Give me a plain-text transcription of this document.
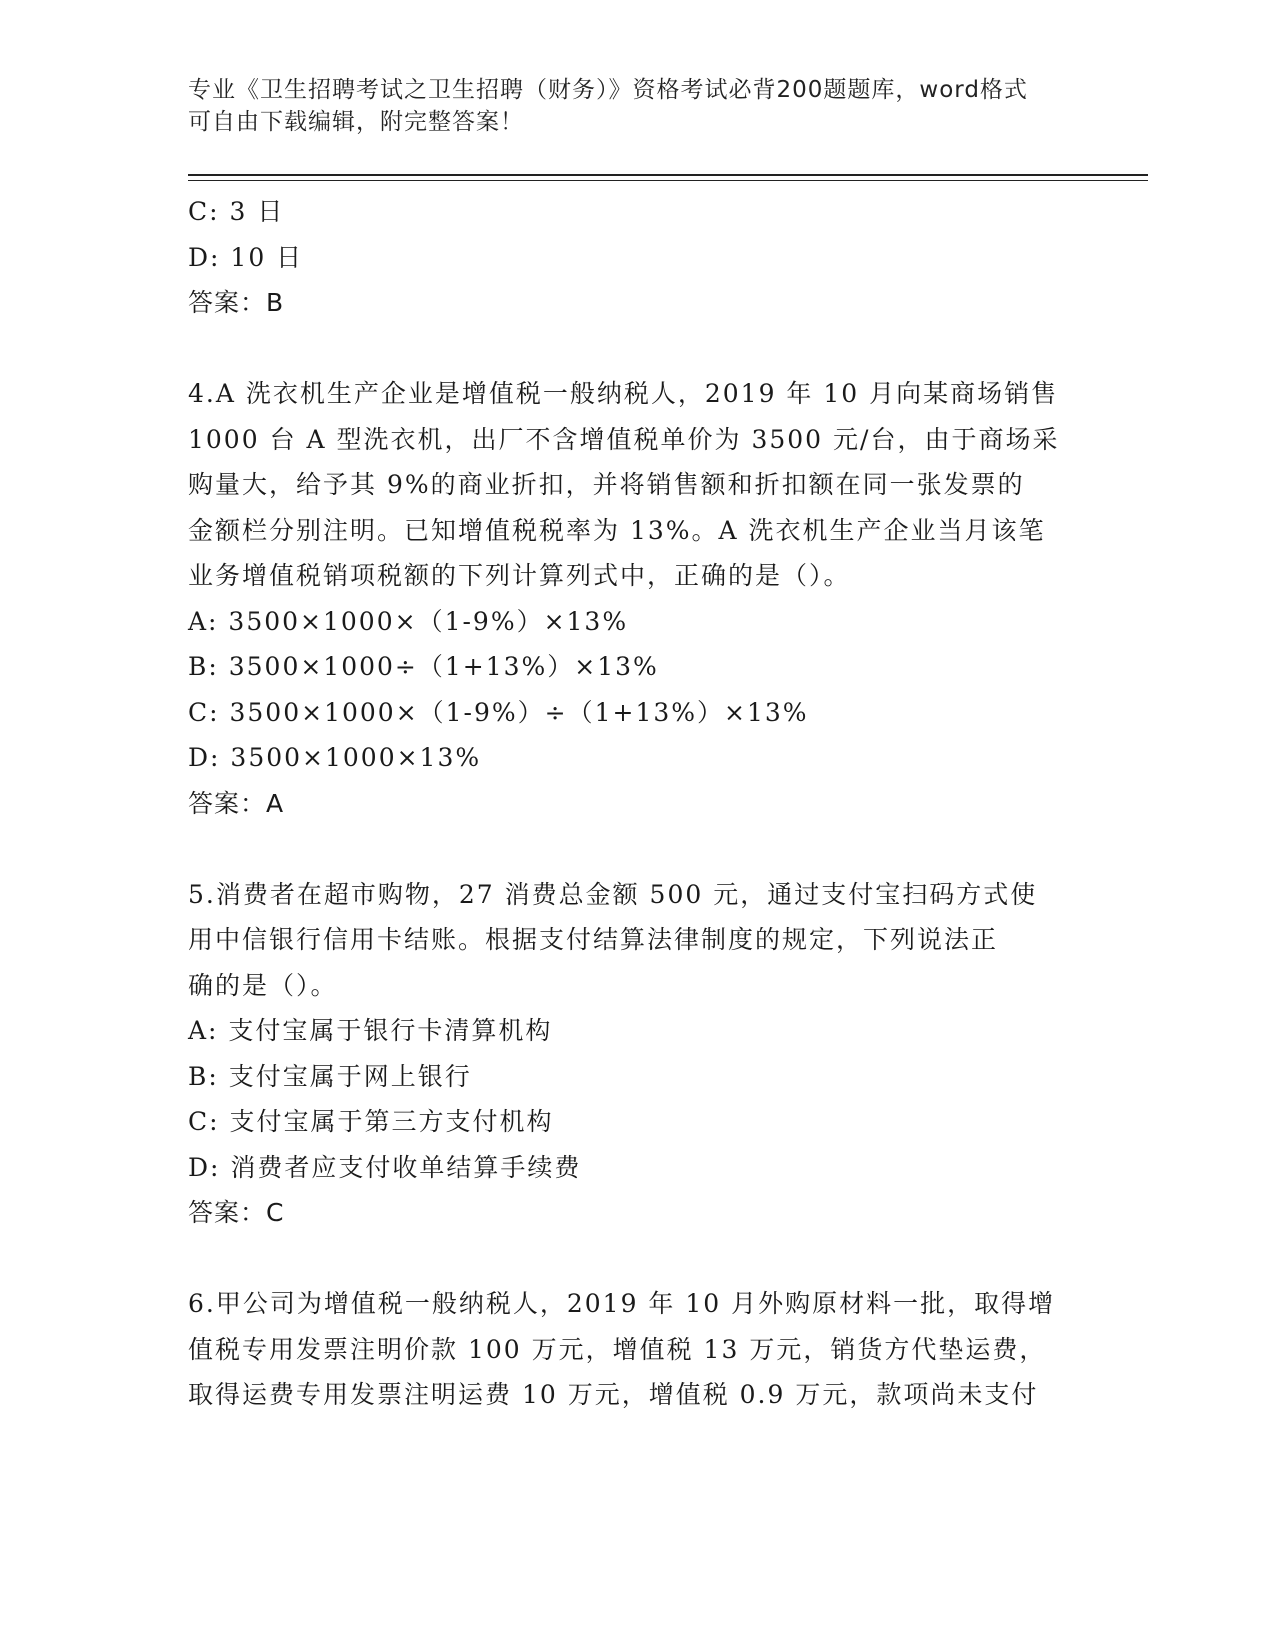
专业《卫生招聘考试之卫生招聘（财务）》资格考试必背200题题库，word格式
可自由下载编辑，附完整答案！
C: 3 日
D: 10 日
答案：B
4.A 洗衣机生产企业是增值税一般纳税人，2019 年 10 月向某商场销售
1000 台 A 型洗衣机，出厂不含增值税单价为 3500 元/台，由于商场采
购量大，给予其 9%的商业折扣，并将销售额和折扣额在同一张发票的
金额栏分别注明。已知增值税税率为 13%。A 洗衣机生产企业当月该笔
业务增值税销项税额的下列计算列式中，正确的是（）。
A: 3500×1000×（1-9%）×13%
B: 3500×1000÷（1+13%）×13%
C: 3500×1000×（1-9%）÷（1+13%）×13%
D: 3500×1000×13%
答案：A
5.消费者在超市购物，27 消费总金额 500 元，通过支付宝扫码方式使
用中信银行信用卡结账。根据支付结算法律制度的规定，下列说法正
确的是（）。
A: 支付宝属于银行卡清算机构
B: 支付宝属于网上银行
C: 支付宝属于第三方支付机构
D: 消费者应支付收单结算手续费
答案：C
6.甲公司为增值税一般纳税人，2019 年 10 月外购原材料一批，取得增
值税专用发票注明价款 100 万元，增值税 13 万元，销货方代垫运费，
取得运费专用发票注明运费 10 万元，增值税 0.9 万元，款项尚未支付
